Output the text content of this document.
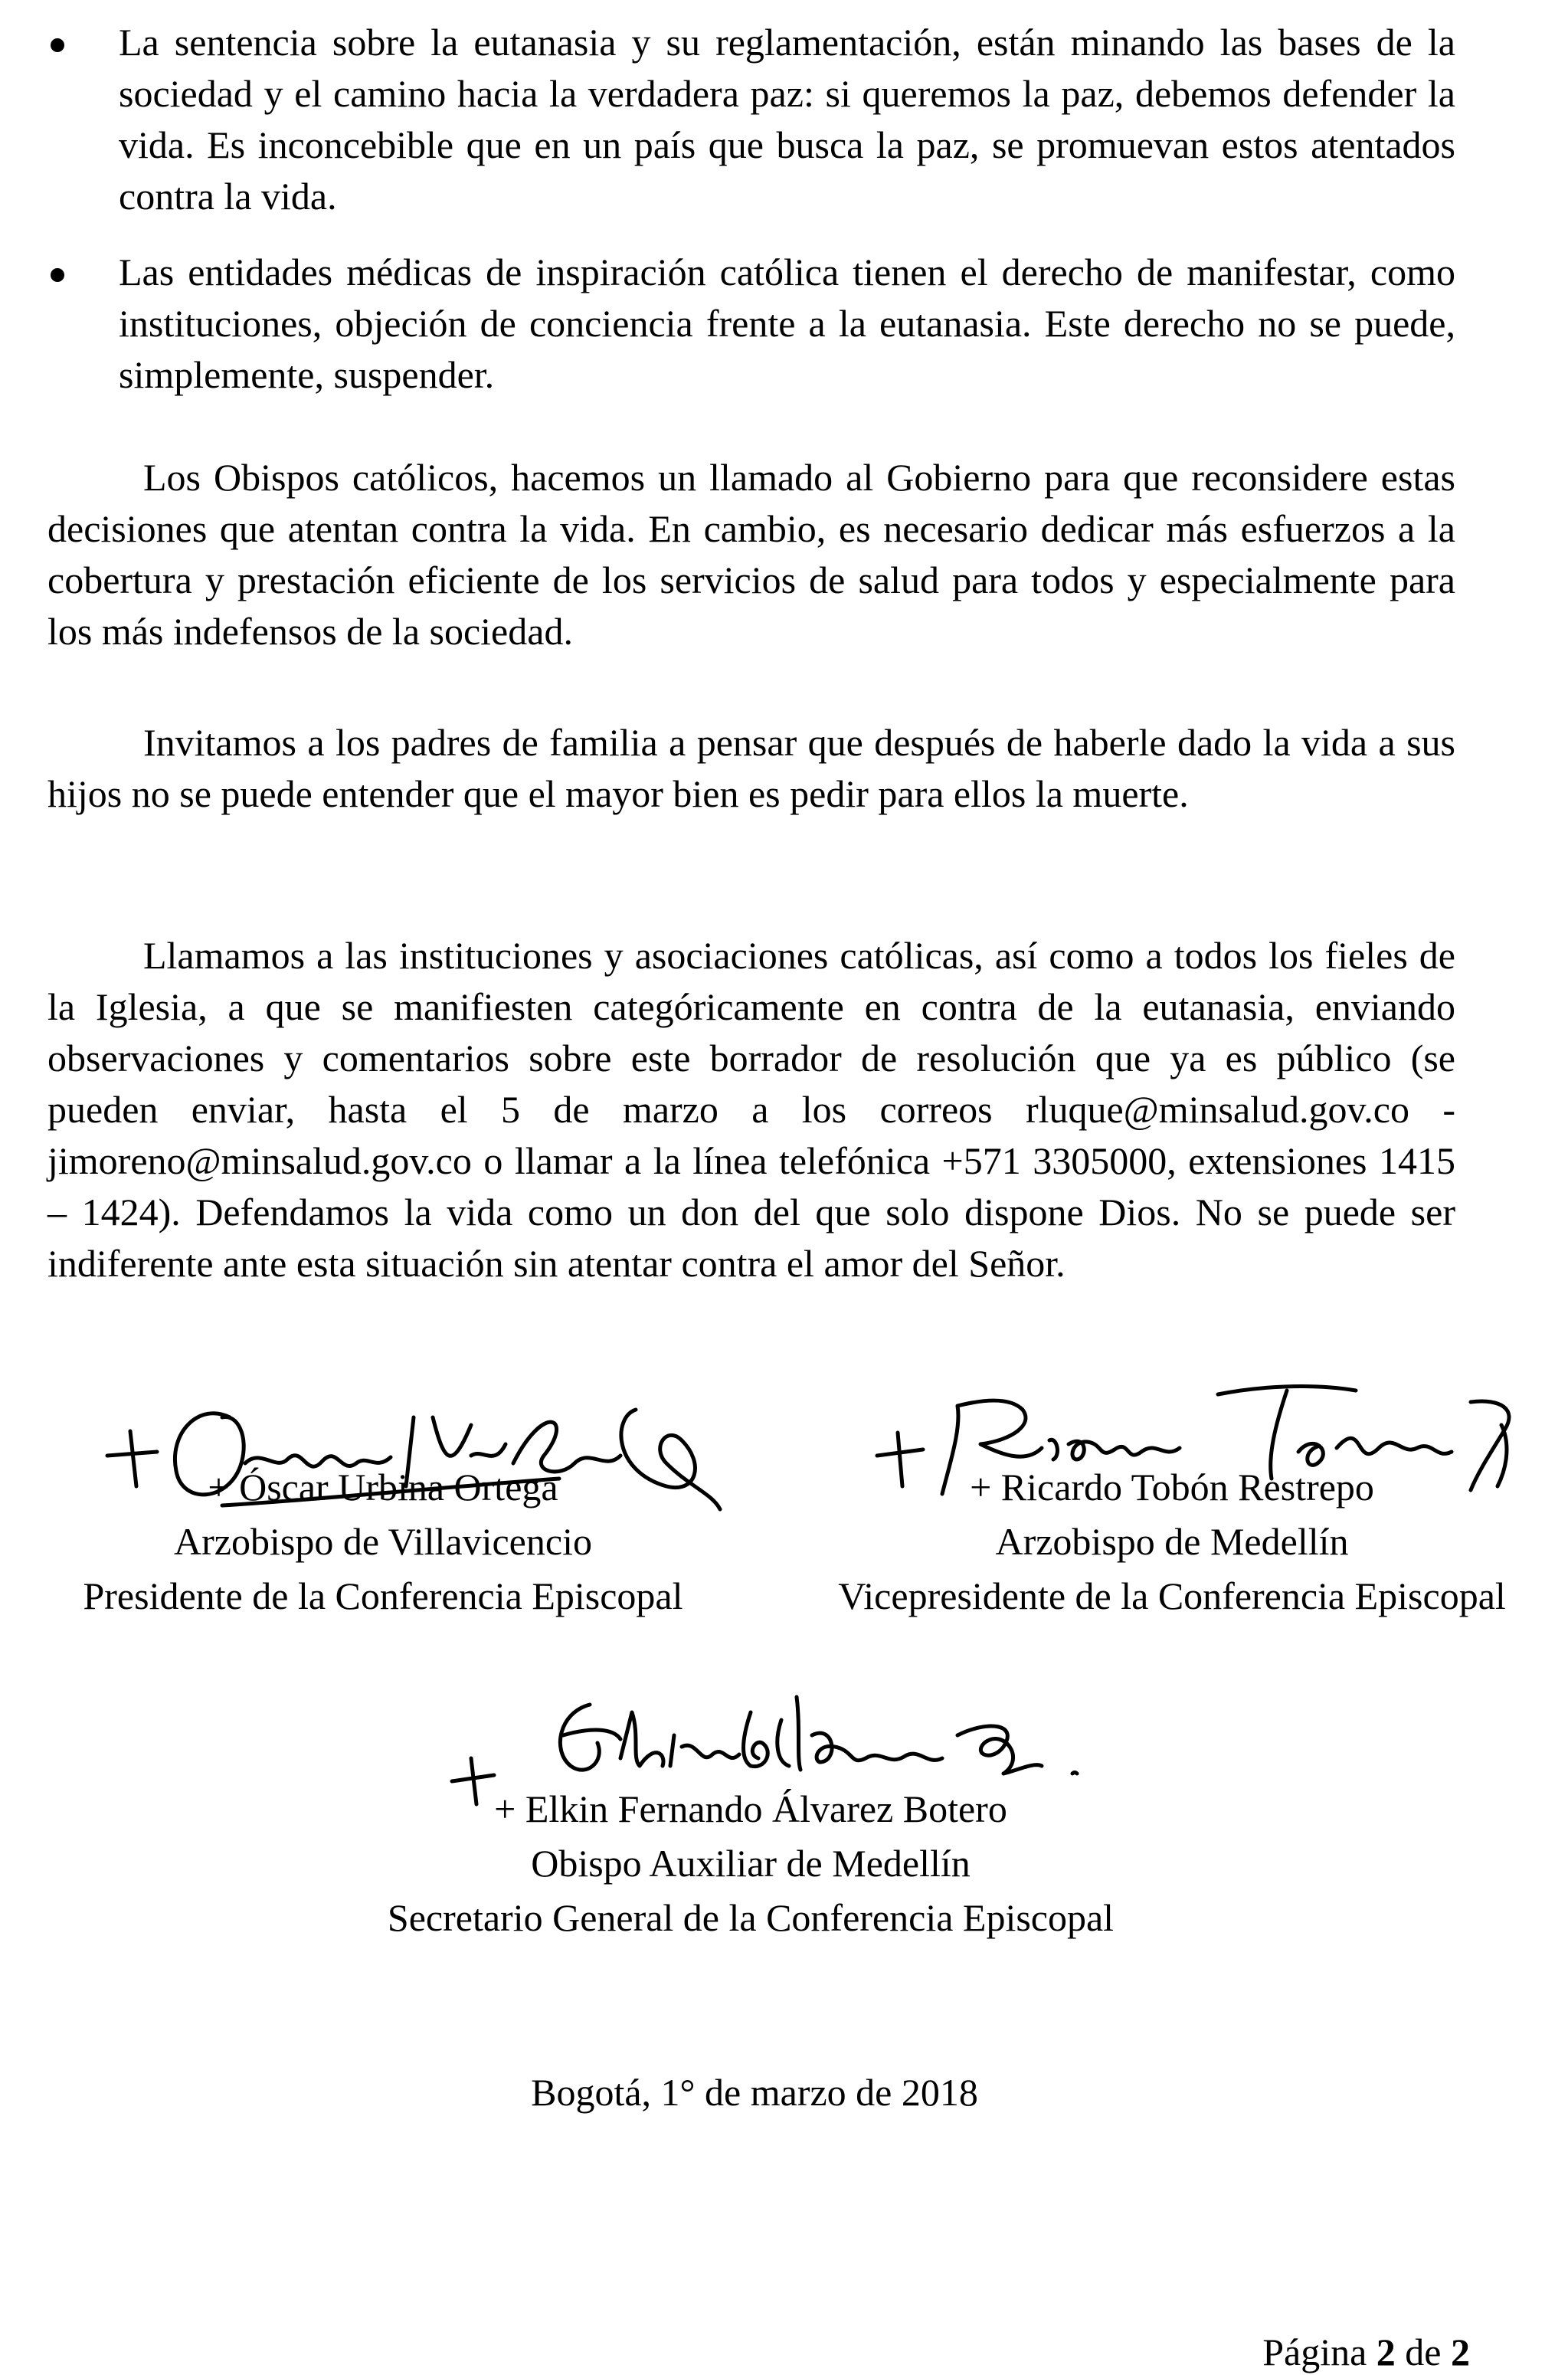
La sentencia sobre la eutanasia y su reglamentación, están minando las bases de la sociedad y el camino hacia la verdadera paz: si queremos la paz, debemos defender la vida. Es inconcebible que en un país que busca la paz, se promuevan estos atentados contra la vida.
Las entidades médicas de inspiración católica tienen el derecho de manifestar, como instituciones, objeción de conciencia frente a la eutanasia. Este derecho no se puede, simplemente, suspender.

Los Obispos católicos, hacemos un llamado al Gobierno para que reconsidere estas decisiones que atentan contra la vida. En cambio, es necesario dedicar más esfuerzos a la cobertura y prestación eficiente de los servicios de salud para todos y especialmente para los más indefensos de la sociedad.

Invitamos a los padres de familia a pensar que después de haberle dado la vida a sus hijos no se puede entender que el mayor bien es pedir para ellos la muerte.

Llamamos a las instituciones y asociaciones católicas, así como a todos los fieles de la Iglesia, a que se manifiesten categóricamente en contra de la eutanasia, enviando observaciones y comentarios sobre este borrador de resolución que ya es público (se pueden enviar, hasta el 5 de marzo a los correos rluque@minsalud.gov.co - jimoreno@minsalud.gov.co o llamar a la línea telefónica +571 3305000, extensiones 1415 – 1424). Defendamos la vida como un don del que solo dispone Dios. No se puede ser indiferente ante esta situación sin atentar contra el amor del Señor.

+ Óscar Urbina Ortega
Arzobispo de Villavicencio
Presidente de la Conferencia Episcopal
+ Ricardo Tobón Restrepo
Arzobispo de Medellín
Vicepresidente de la Conferencia Episcopal
+ Elkin Fernando Álvarez Botero
Obispo Auxiliar de Medellín
Secretario General de la Conferencia Episcopal
Bogotá, 1° de marzo de 2018
Página 2 de 2
